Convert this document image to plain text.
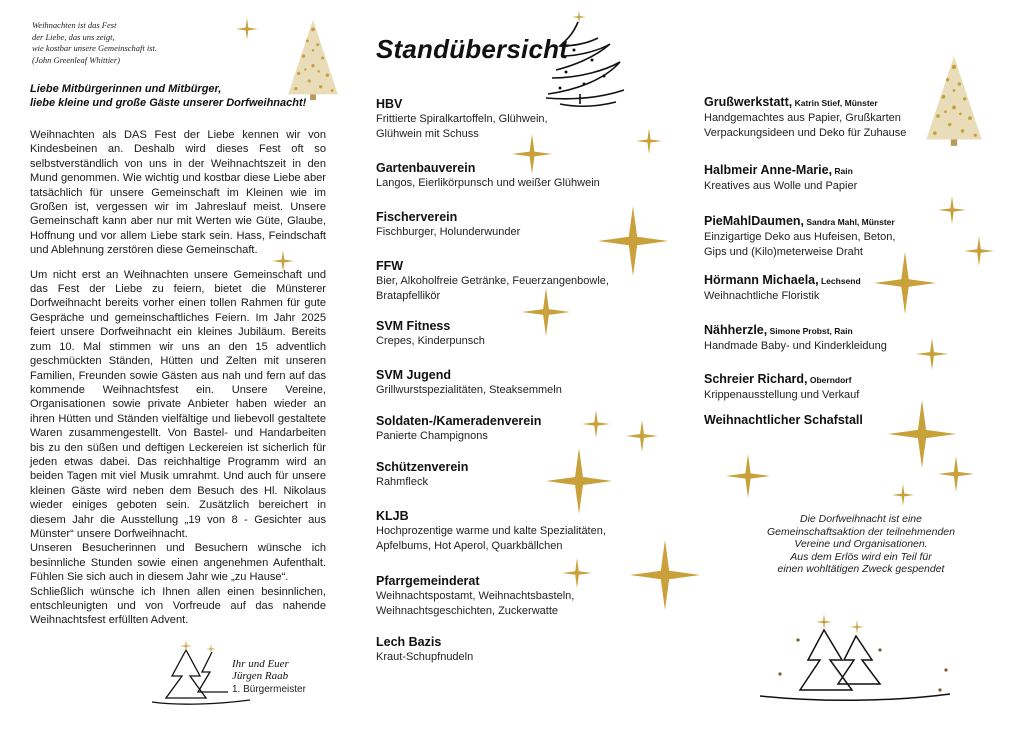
Weihnachten ist das Fest
der Liebe, das uns zeigt,
wie kostbar unsere Gemeinschaft ist.
(John Greenleaf Whittier)
Liebe Mitbürgerinnen und Mitbürger,
liebe kleine und große Gäste unserer Dorfweihnacht!

Weihnachten als DAS Fest der Liebe kennen wir von Kindesbeinen an. Deshalb wird dieses Fest oft so selbstverständlich von uns in der Weihnachtszeit in den Mund genommen. Wie wichtig und kostbar diese Liebe aber tatsächlich für unsere Gemeinschaft im Kleinen wie im Großen ist, vergessen wir im Jahreslauf meist. Unsere Gemeinschaft kann aber nur mit Werten wie Güte, Glaube, Hoffnung und vor allem Liebe stark sein. Hass, Feindschaft und Ablehnung zerstören diese Gemeinschaft.

Um nicht erst an Weihnachten unsere Gemeinschaft und das Fest der Liebe zu feiern, bietet die Münsterer Dorfweihnacht bereits vorher einen tollen Rahmen für gute Gespräche und gemeinschaftliches Feiern. Im Jahr 2025 feiert unsere Dorfweihnacht ein kleines Jubiläum. Bereits zum 10. Mal stimmen wir uns an den 15 adventlich geschmückten Ständen, Hütten und Zelten mit unseren Familien, Freunden sowie Gästen aus nah und fern auf das kommende Weihnachtsfest ein. Unsere Vereine, Organisationen sowie private Anbieter haben wieder an ihren Hütten und Ständen vielfältige und liebevoll gestaltete Waren zusammengestellt. Von Bastel- und Handarbeiten bis zu den süßen und deftigen Leckereien ist sicherlich für jeden etwas dabei. Das reichhaltige Programm wird an beiden Tagen mit viel Musik umrahmt. Und auch für unsere kleinen Gäste wird neben dem Besuch des Hl. Nikolaus wieder einiges geboten sein. Zusätzlich bereichert in diesem Jahr die Ausstellung „19 von 8 - Gesichter aus Münster“ unsere Dorfweihnacht.

Unseren Besucherinnen und Besuchern wünsche ich besinnliche Stunden sowie einen angenehmen Aufenthalt. Fühlen Sie sich auch in diesem Jahr wie „zu Hause“.

Schließlich wünsche ich Ihnen allen einen besinnlichen, entschleunigten und von Vorfreude auf das nahende Weihnachtsfest erfüllten Advent.

Ihr und Euer
Jürgen Raab
1. Bürgermeister
Standübersicht
HBV
Frittierte Spiralkartoffeln, Glühwein,
Glühwein mit Schuss
Gartenbauverein
Langos, Eierlikörpunsch und weißer Glühwein
Fischerverein
Fischburger, Holunderwunder
FFW
Bier, Alkoholfreie Getränke, Feuerzangenbowle,
Bratapfellikör
SVM Fitness
Crepes, Kinderpunsch
SVM Jugend
Grillwurstspezialitäten, Steaksemmeln
Soldaten-/Kameradenverein
Panierte Champignons
Schützenverein
Rahmfleck
KLJB
Hochprozentige warme und kalte Spezialitäten,
Apfelbums, Hot Aperol, Quarkbällchen
Pfarrgemeinderat
Weihnachtspostamt, Weihnachtsbasteln,
Weihnachtsgeschichten, Zuckerwatte
Lech Bazis
Kraut-Schupfnudeln
Grußwerkstatt, Katrin Stief, Münster
Handgemachtes aus Papier, Grußkarten
Verpackungsideen und Deko für Zuhause
Halbmeir Anne-Marie, Rain
Kreatives aus Wolle und Papier
PieMahlDaumen, Sandra Mahl, Münster
Einzigartige Deko aus Hufeisen, Beton,
Gips und (Kilo)meterweise Draht
Hörmann Michaela, Lechsend
Weihnachtliche Floristik
Nähherzle, Simone Probst, Rain
Handmade Baby- und Kinderkleidung
Schreier Richard, Oberndorf
Krippenausstellung und Verkauf
Weihnachtlicher Schafstall
Die Dorfweihnacht ist eine
Gemeinschaftsaktion der teilnehmenden
Vereine und Organisationen.
Aus dem Erlös wird ein Teil für
einen wohltätigen Zweck gespendet
